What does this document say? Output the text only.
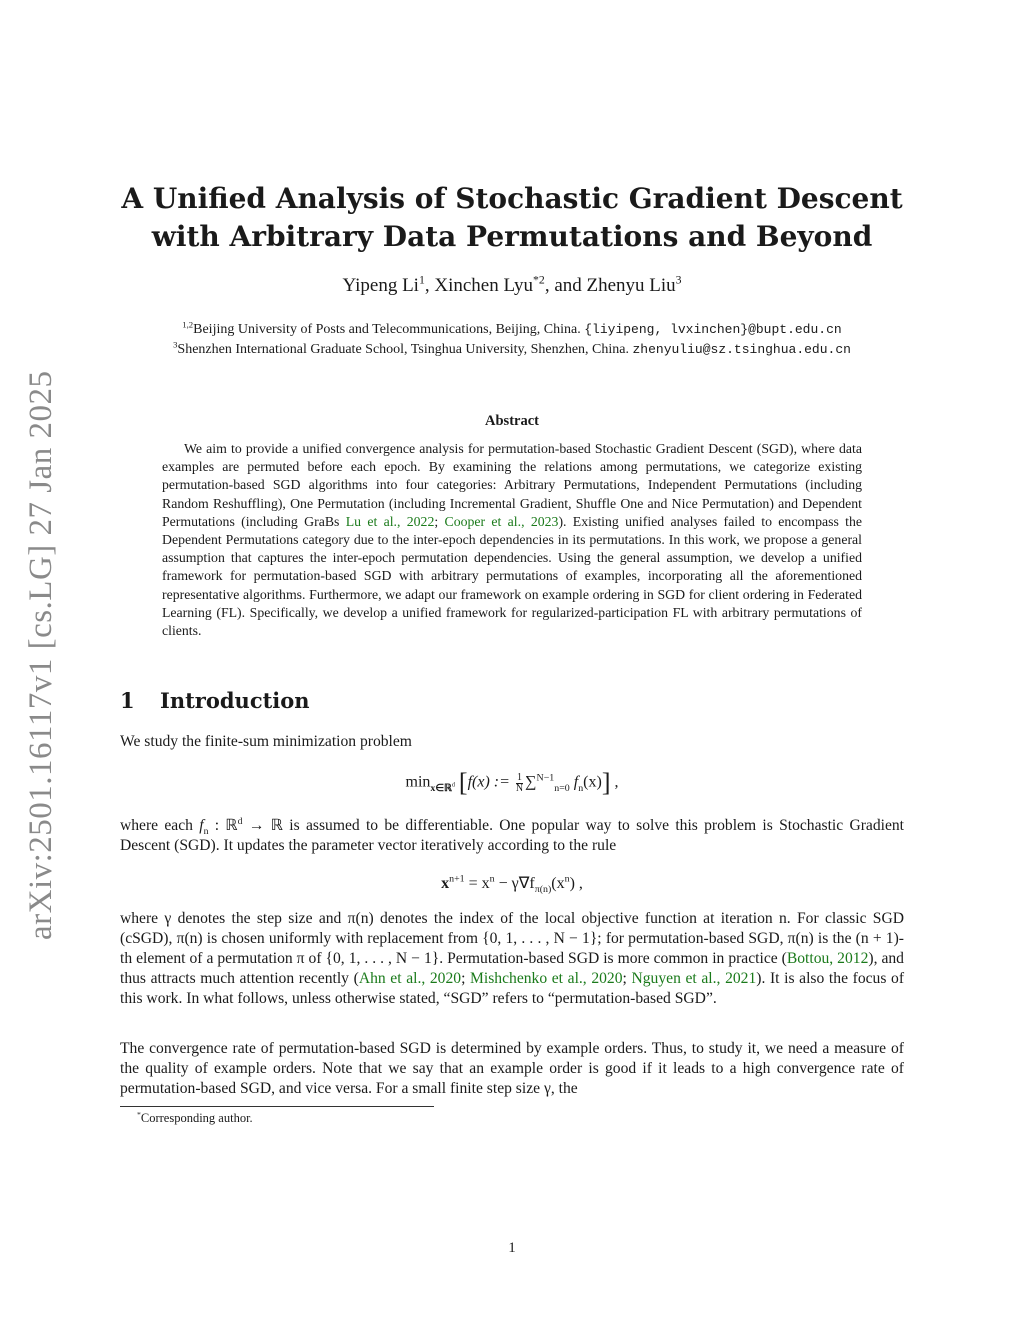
arXiv:2501.16117v1 [cs.LG] 27 Jan 2025
A Unified Analysis of Stochastic Gradient Descent
with Arbitrary Data Permutations and Beyond
Yipeng Li$^1$, Xinchen Lyu$^{*2}$, and Zhenyu Liu$^3$
$^{1,2}$Beijing University of Posts and Telecommunications, Beijing, China. {liyipeng, lvxinchen}@bupt.edu.cn
$^3$Shenzhen International Graduate School, Tsinghua University, Shenzhen, China. zhenyuliu@sz.tsinghua.edu.cn
Abstract
We aim to provide a unified convergence analysis for permutation-based Stochastic Gradient Descent (SGD), where data examples are permuted before each epoch. By examining the relations among permutations, we categorize existing permutation-based SGD algorithms into four categories: Arbitrary Permutations, Independent Permutations (including Random Reshuffling), One Permutation (including Incremental Gradient, Shuffle One and Nice Permutation) and Dependent Permutations (including GraBs Lu et al., 2022; Cooper et al., 2023). Existing unified analyses failed to encompass the Dependent Permutations category due to the inter-epoch dependencies in its permutations. In this work, we propose a general assumption that captures the inter-epoch permutation dependencies. Using the general assumption, we develop a unified framework for permutation-based SGD with arbitrary permutations of examples, incorporating all the aforementioned representative algorithms. Furthermore, we adapt our framework on example ordering in SGD for client ordering in Federated Learning (FL). Specifically, we develop a unified framework for regularized-participation FL with arbitrary permutations of clients.
1 Introduction
We study the finite-sum minimization problem
$\min_{x\in ℝ^d} [f(x)$ := $\frac{1}{N} \sum^{N-1}_{n=0}$ $f_n(x)$] ,
where each $f_n$ : ℝ$^d$ → ℝ is assumed to be differentiable. One popular way to solve this problem is Stochastic Gradient Descent (SGD). It updates the parameter vector iteratively according to the rule
$x^{n+1} = x^n - \gamma\nabla f_{\pi(n)}(x^n)$ ,
where γ denotes the step size and π(n) denotes the index of the local objective function at iteration n. For classic SGD (cSGD), π(n) is chosen uniformly with replacement from {0, 1, . . . , N − 1}; for permutation-based SGD, π(n) is the (n + 1)-th element of a permutation π of {0, 1, . . . , N − 1}. Permutation-based SGD is more common in practice (Bottou, 2012), and thus attracts much attention recently (Ahn et al., 2020; Mishchenko et al., 2020; Nguyen et al., 2021). It is also the focus of this work. In what follows, unless otherwise stated, “SGD” refers to “permutation-based SGD”.
The convergence rate of permutation-based SGD is determined by example orders. Thus, to study it, we need a measure of the quality of example orders. Note that we say that an example order is good if it leads to a high convergence rate of permutation-based SGD, and vice versa. For a small finite step size γ, the
*Corresponding author.
1
